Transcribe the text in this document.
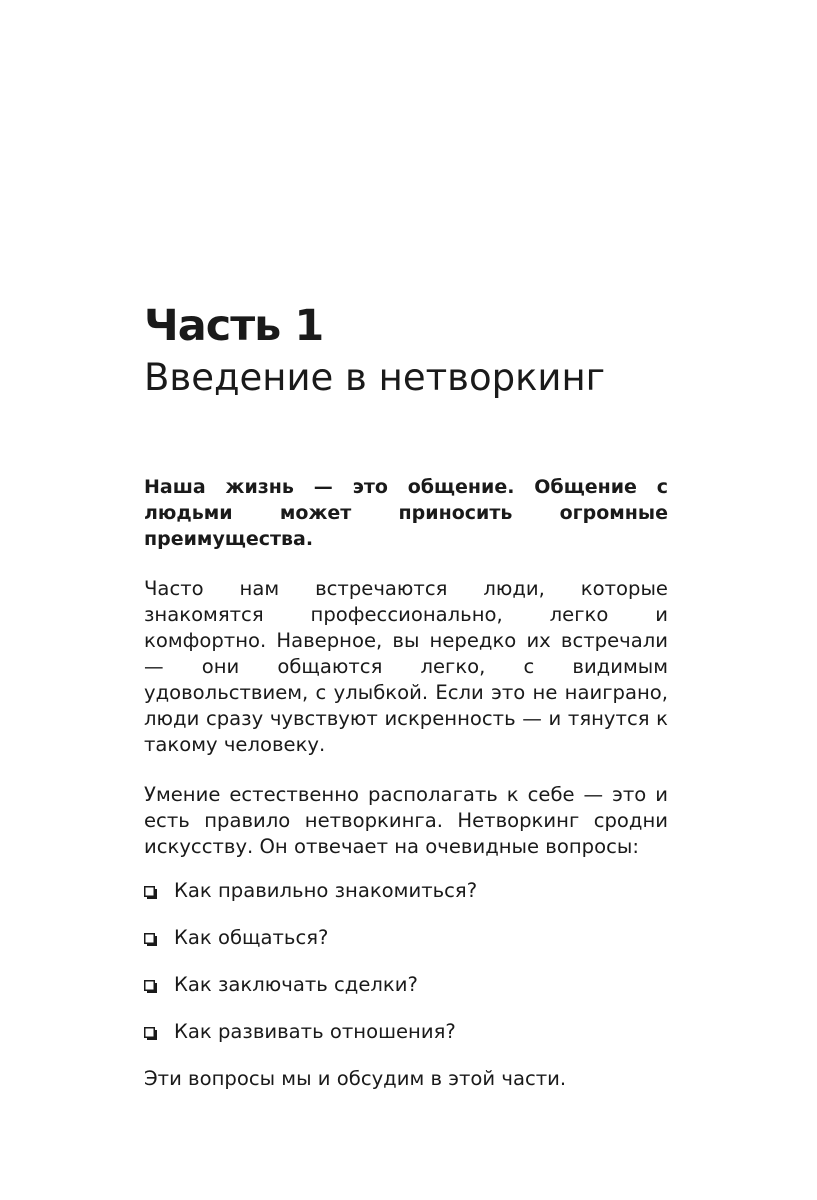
Часть 1
Введение в нетворкинг

Наша жизнь — это общение. Общение с людьми может приносить огромные преимущества.

Часто нам встречаются люди, которые знакомятся профессионально, легко и комфортно. Наверное, вы нередко их встречали — они общаются легко, с видимым удовольствием, с улыбкой. Если это не наиграно, люди сразу чувствуют искренность — и тянутся к такому человеку.

Умение естественно располагать к себе — это и есть правило нетворкинга. Нетворкинг сродни искусству. Он отвечает на очевидные вопросы:

Как правильно знакомиться?
Как общаться?
Как заключать сделки?
Как развивать отношения?

Эти вопросы мы и обсудим в этой части.
